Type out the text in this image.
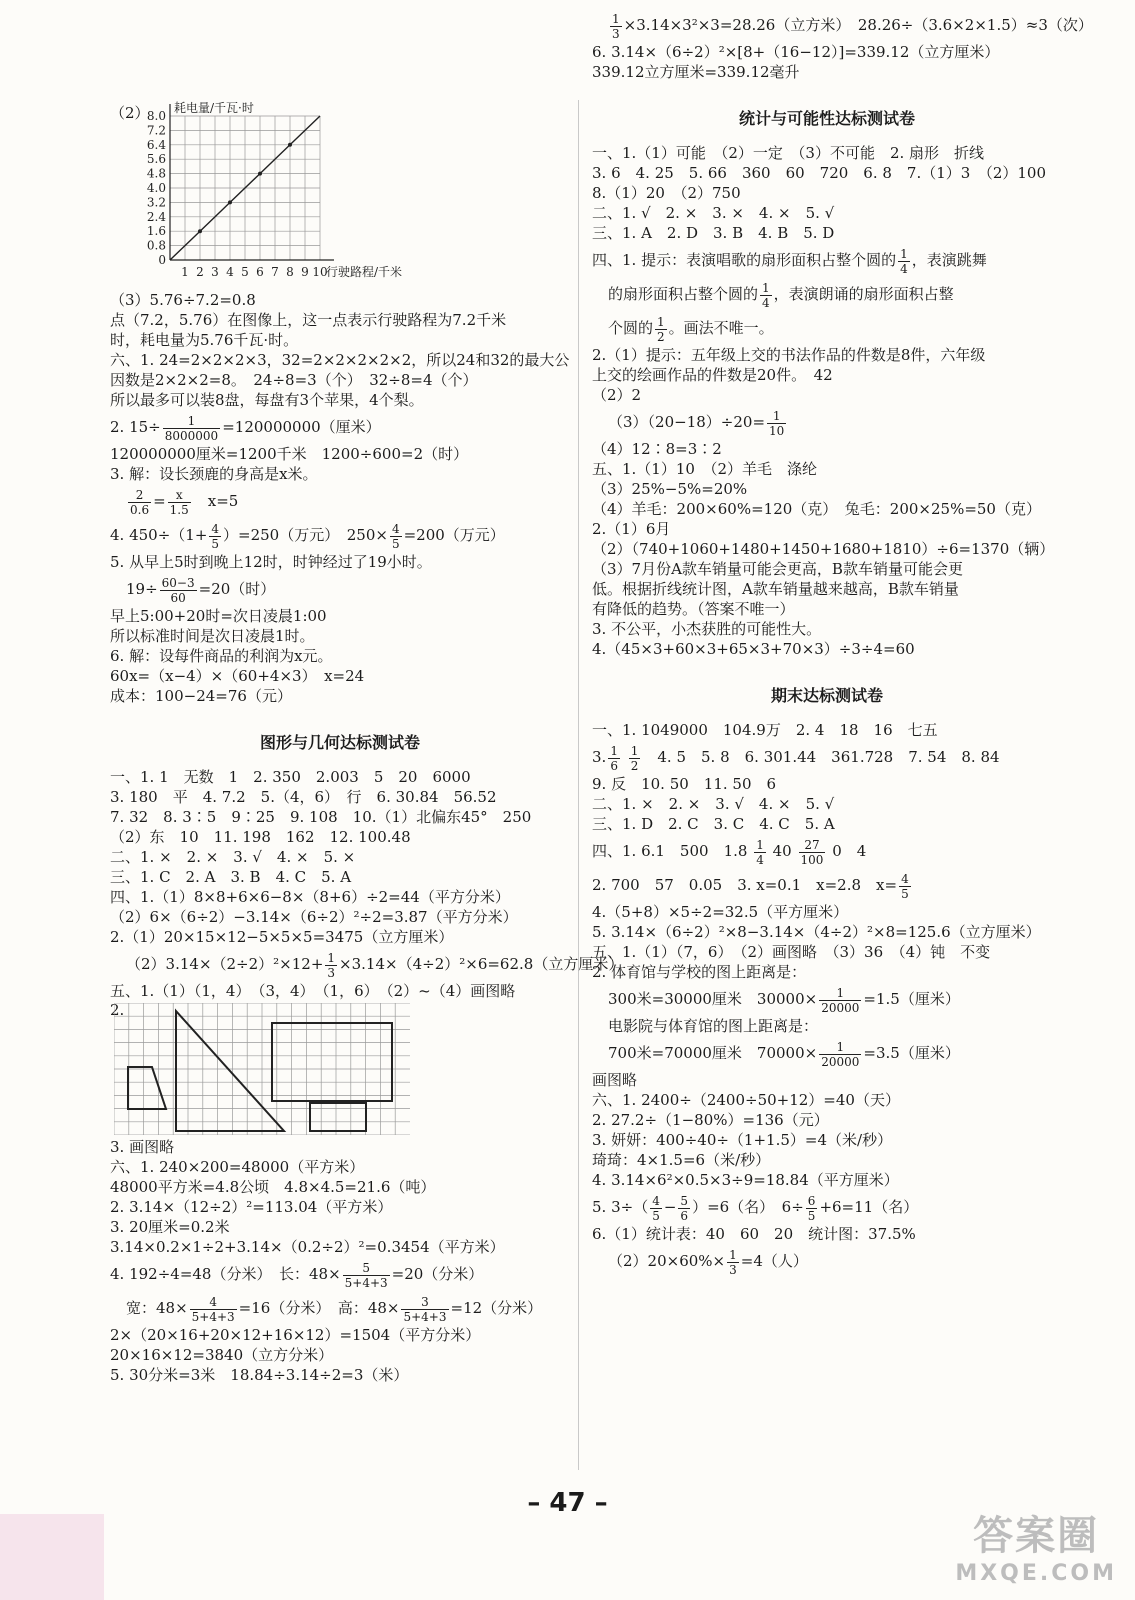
（2）
0
0.8
1.6
2.4
3.2
4.0
4.8
5.6
6.4
7.2
8.0
1 2 3 4 5 6 7 8 9 10
耗电量/千瓦·时
行驶路程/千米
（3）5.76÷7.2=0.8
点（7.2，5.76）在图像上，这一点表示行驶路程为7.2千米
时，耗电量为5.76千瓦·时。
六、1. 24=2×2×2×3，32=2×2×2×2×2，所以24和32的最大公
因数是2×2×2=8。　24÷8=3（个）　32÷8=4（个）
所以最多可以装8盘，每盘有3个苹果，4个梨。
2. $15\div \frac{1}{8000000} =120000000$（厘米）
120000000厘米=1200千米　1200÷600=2（时）
3. 解：设长颈鹿的身高是x米。
$\frac{2}{0.6} = \frac{x}{1.5}$ 　x=5
4. $450\div(1+ \frac{4}{5} )=250$（万元）　$250\times \frac{4}{5} =200$（万元）
5. 从早上5时到晚上12时，时钟经过了19小时。
$19\div \frac{60-3}{60} =20$（时）
早上5:00+20时=次日凌晨1:00
所以标准时间是次日凌晨1时。
6. 解：设每件商品的利润为x元。
60x=（x−4）×（60+4×3）　x=24
成本：100−24=76（元）
图形与几何达标测试卷
一、1. 1　无数　1　2. 350　2.003　5　20　6000
3. 180　平　4. 7.2　5.（4，6）　行　6. 30.84　56.52
7. 32　8. 3∶5　9∶25　9. 108　10.（1）北偏东45°　250
（2）东　10　11. 198　162　12. 100.48
二、1. ×　2. ×　3. √　4. ×　5. ×
三、1. C　2. A　3. B　4. C　5. A
四、1.（1）8×8+6×6−8×（8+6）÷2=44（平方分米）
（2）6×（6÷2）−3.14×（6÷2）²÷2=3.87（平方分米）
2.（1）20×15×12−5×5×5=3475（立方厘米）
$(2)3.14\times(2\div 2)^2\times 12+ \frac{1}{3} \times 3.14\times(4\div 2)^2\times 6=62.8$（立方厘米）
五、1.（1）（1，4）　（3，4）　（1，6）　（2）~（4）画图略
2.
3. 画图略
六、1. 240×200=48000（平方米）
48000平方米=4.8公顷　4.8×4.5=21.6（吨）
2. 3.14×（12÷2）²=113.04（平方米）
3. 20厘米=0.2米
3.14×0.2×1÷2+3.14×（0.2÷2）²=0.3454（平方米）
4. 192÷4=48（分米）　长：$48\times \frac{5}{5+4+3} =20$（分米）
宽：$48\times \frac{4}{5+4+3} =16$（分米）　高：$48\times \frac{3}{5+4+3} =12$（分米）
2×（20×16+20×12+16×12）=1504（平方分米）
20×16×12=3840（立方分米）
5. 30分米=3米　18.84÷3.14÷2=3（米）
$\frac{1}{3} \times 3.14\times 3^2\times 3=28.26$（立方米）　28.26÷（3.6×2×1.5）≈3（次）
6. 3.14×（6÷2）²×[8+（16−12）]=339.12（立方厘米）
339.12立方厘米=339.12毫升
统计与可能性达标测试卷
一、1.（1）可能　（2）一定　（3）不可能　2. 扇形　折线
3. 6　4. 25　5. 66　360　60　720　6. 8　7.（1）3　（2）100
8.（1）20　（2）750
二、1. √　2. ×　3. ×　4. ×　5. √
三、1. A　2. D　3. B　4. B　5. D
四、1. 提示：表演唱歌的扇形面积占整个圆的 $\frac{1}{4}$ ，表演跳舞
的扇形面积占整个圆的 $\frac{1}{4}$ ，表演朗诵的扇形面积占整
个圆的 $\frac{1}{2}$ 。画法不唯一。
2.（1）提示：五年级上交的书法作品的件数是8件，六年级
上交的绘画作品的件数是20件。　42
（2）2
$(3)(20-18)\div 20= \frac{1}{10}$
（4）12∶8=3∶2
五、1.（1）10　（2）羊毛　涤纶
（3）25%−5%=20%
（4）羊毛：200×60%=120（克）　兔毛：200×25%=50（克）
2.（1）6月
（2）（740+1060+1480+1450+1680+1810）÷6=1370（辆）
（3）7月份A款车销量可能会更高，B款车销量可能会更
低。根据折线统计图，A款车销量越来越高，B款车销量
有降低的趋势。（答案不唯一）
3. 不公平，小杰获胜的可能性大。
4.（45×3+60×3+65×3+70×3）÷3÷4=60
期末达标测试卷
一、1. 1049000　104.9万　2. 4　18　16　七五
3. $\frac{1}{6}$
$\frac{1}{2}$ 　4. 5　5. 8　6. 301.44　361.728　7. 54　8. 84
9. 反　10. 50　11. 50　6
二、1. ×　2. ×　3. √　4. ×　5. √
三、1. D　2. C　3. C　4. C　5. A
四、1. 6.1　500　$1.8 \frac{1}{4} 40 \frac{27}{100} 0$　4
2. 700　57　0.05　3. x=0.1　x=2.8　$x= \frac{4}{5}$
4.（5+8）×5÷2=32.5（平方厘米）
5. 3.14×（6÷2）²×8−3.14×（4÷2）²×8=125.6（立方厘米）
五、1.（1）（7，6）　（2）画图略　（3）36　（4）钝　不变
2. 体育馆与学校的图上距离是：
300米=30000厘米　$30000\times \frac{1}{20000} =1.5$（厘米）
电影院与体育馆的图上距离是：
700米=70000厘米　$70000\times \frac{1}{20000} =3.5$（厘米）
画图略
六、1. 2400÷（2400÷50+12）=40（天）
2. 27.2÷（1−80%）=136（元）
3. 妍妍：400÷40÷（1+1.5）=4（米/秒）
琦琦：4×1.5=6（米/秒）
4. 3.14×6²×0.5×3÷9=18.84（平方厘米）
5. $3\div( \frac{4}{5} - \frac{5}{6} )=6$（名）　$6\div \frac{6}{5} +6=11$（名）
6.（1）统计表：40　60　20　统计图：37.5%
$(2)20\times 60\%\times \frac{1}{3} =4$（人）
– 47 –
答案圈
MXQE.COM
